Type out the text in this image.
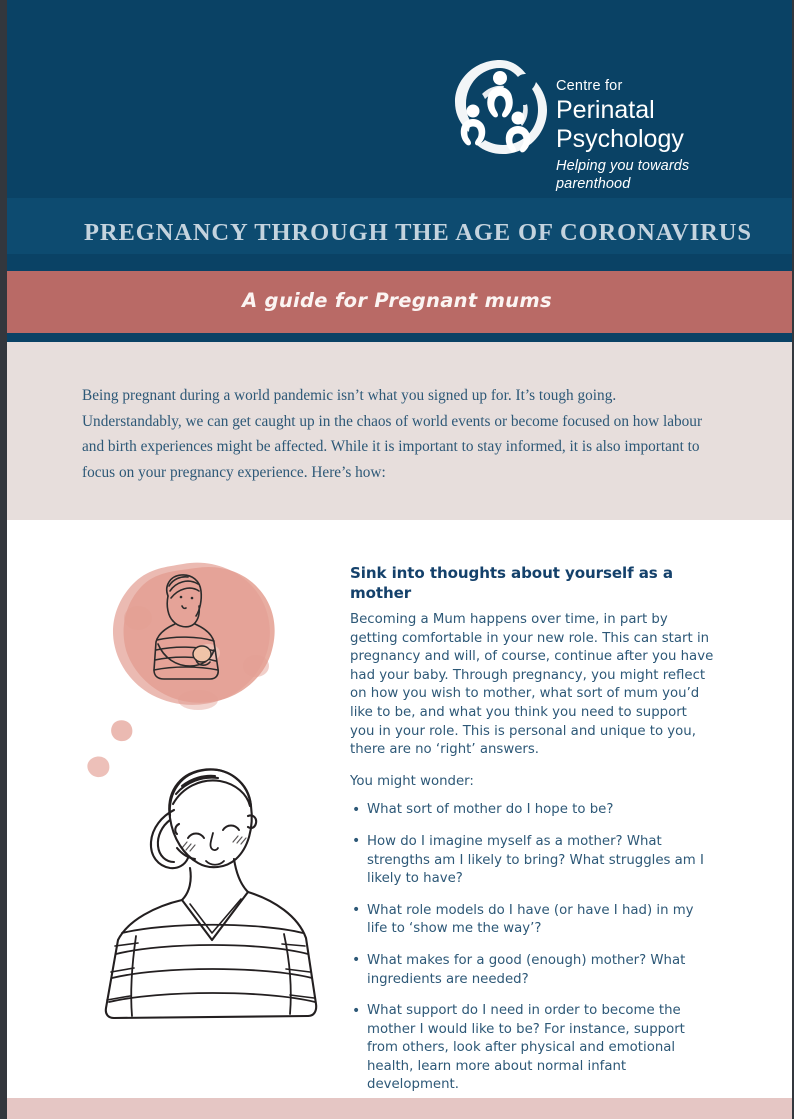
Centre for
Perinatal Psychology
Helping you towards parenthood
PREGNANCY THROUGH THE AGE OF CORONAVIRUS
A guide for Pregnant mums
Being pregnant during a world pandemic isn’t what you signed up for. It’s tough going. Understandably, we can get caught up in the chaos of world events or become focused on how labour and birth experiences might be affected. While it is important to stay informed, it is also important to focus on your pregnancy experience. Here’s how:
Sink into thoughts about yourself as a mother

Becoming a Mum happens over time, in part by getting comfortable in your new role. This can start in pregnancy and will, of course, continue after you have had your baby. Through pregnancy, you might reflect on how you wish to mother, what sort of mum you’d like to be, and what you think you need to support you in your role. This is personal and unique to you, there are no ‘right’ answers.

You might wonder:

• What sort of mother do I hope to be?
• How do I imagine myself as a mother? What strengths am I likely to bring? What struggles am I likely to have?
• What role models do I have (or have I had) in my life to ‘show me the way’?
• What makes for a good (enough) mother? What ingredients are needed?
• What support do I need in order to become the mother I would like to be? For instance, support from others, look after physical and emotional health, learn more about normal infant development.
